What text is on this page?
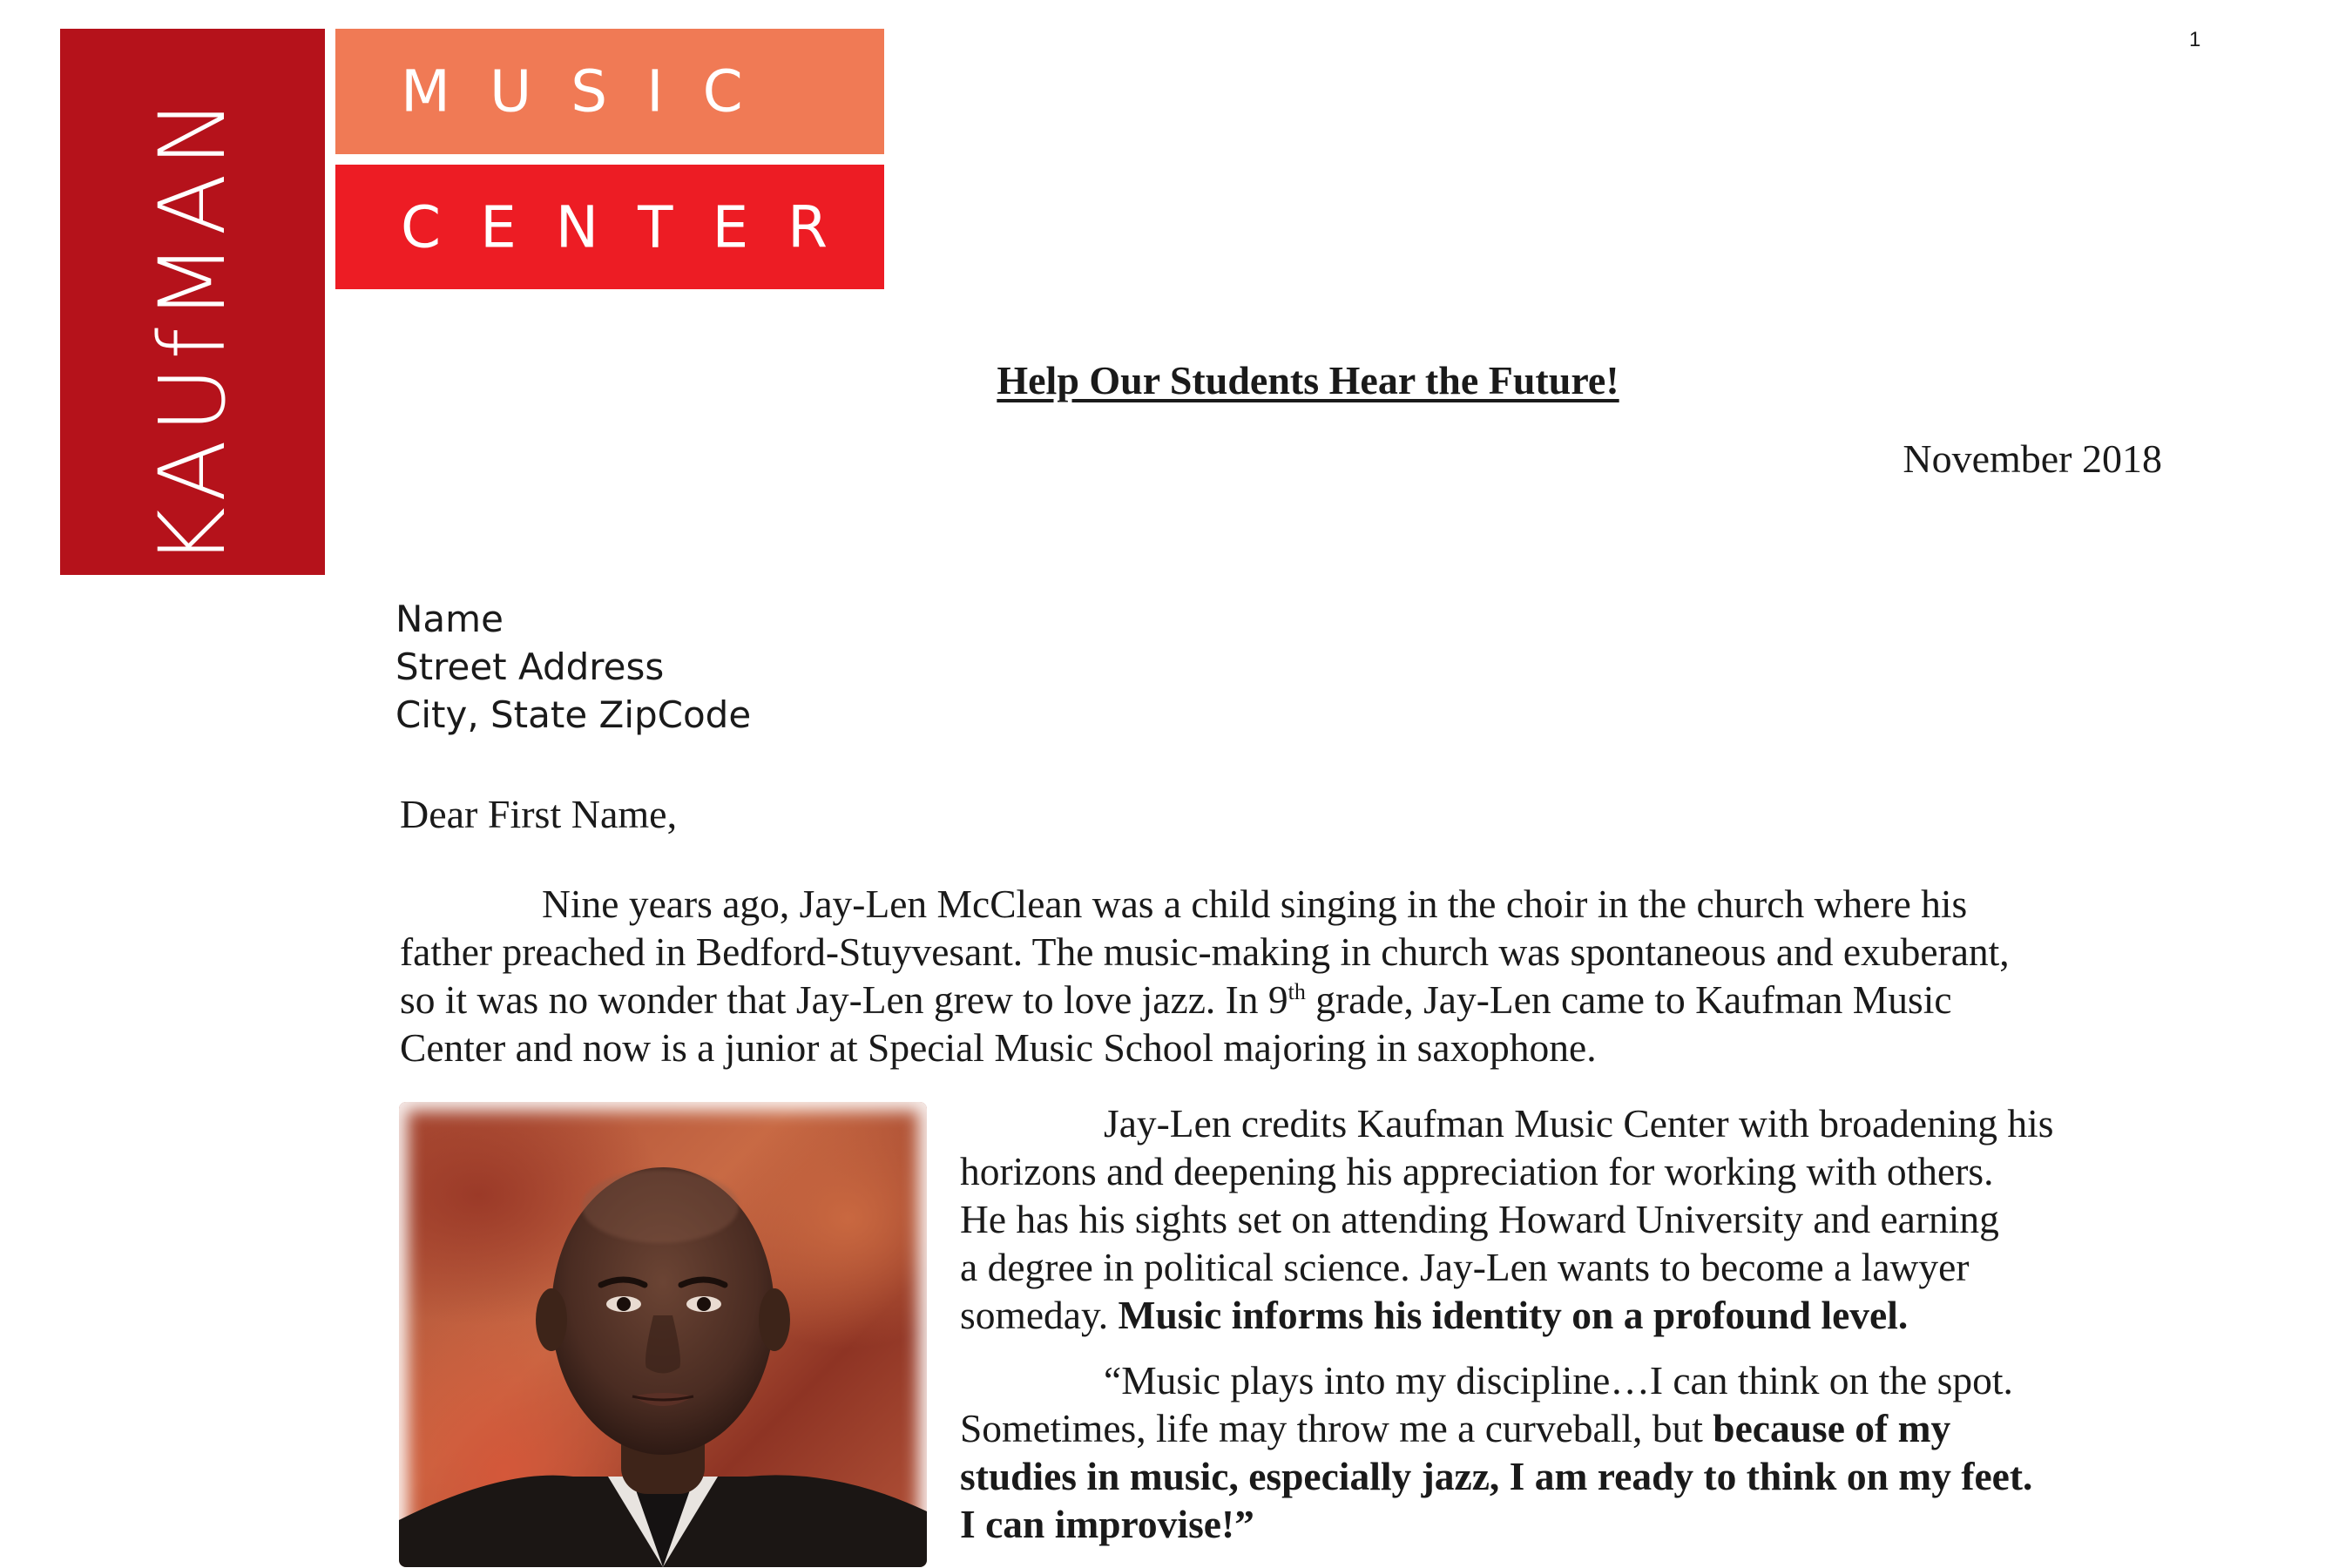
1
KAUfMAN
MUSIC
CENTER
Help Our Students Hear the Future!
November 2018
Name
Street Address
City, State ZipCode
Dear First Name,
Nine years ago, Jay-Len McClean was a child singing in the choir in the church where his
father preached in Bedford-Stuyvesant. The music-making in church was spontaneous and exuberant,
so it was no wonder that Jay-Len grew to love jazz. In 9th grade, Jay-Len came to Kaufman Music
Center and now is a junior at Special Music School majoring in saxophone.
Jay-Len credits Kaufman Music Center with broadening his
horizons and deepening his appreciation for working with others.
He has his sights set on attending Howard University and earning
a degree in political science. Jay-Len wants to become a lawyer
someday. Music informs his identity on a profound level.
“Music plays into my discipline…I can think on the spot.
Sometimes, life may throw me a curveball, but because of my
studies in music, especially jazz, I am ready to think on my feet.
I can improvise!”
